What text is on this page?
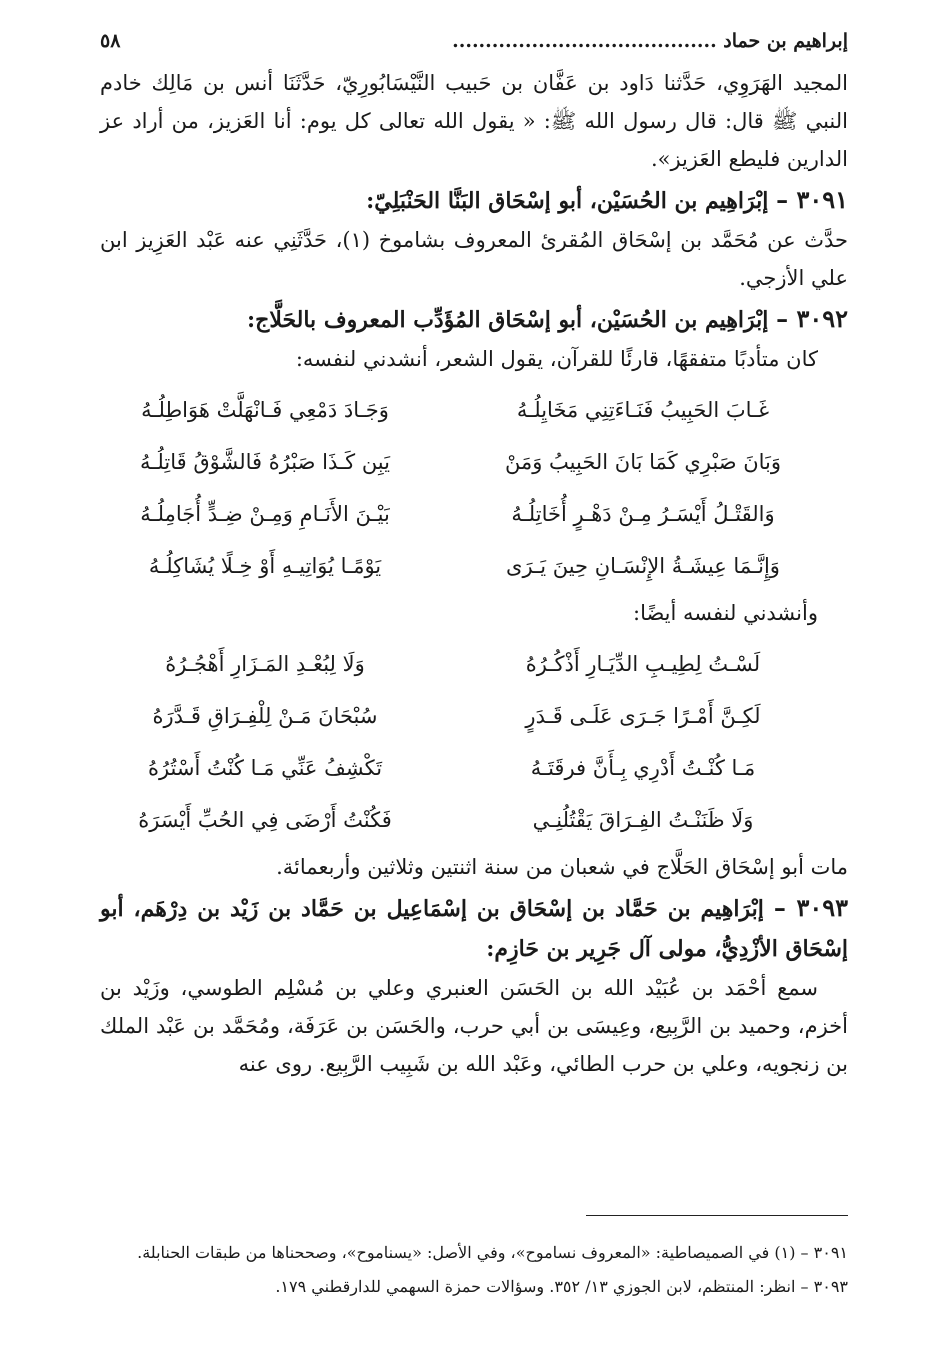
إبراهيم بن حماد ........................................
٥٨

المجيد الهَرَوِي، حَدَّثنا دَاود بن عَفَّان بن حَبيب النَّيْسَابُورِيّ، حَدَّثَنَا أنس بن مَالِك خادم النبي ﷺ قال: قال رسول الله ﷺ: « يقول الله تعالى كل يوم: أنا العَزيز، من أراد عز الدارين فليطع العَزيز».

٣٠٩١ – إبْرَاهِيم بن الحُسَيْن، أبو إسْحَاق البَنَّا الحَنْبَلِيّ:

حدَّث عن مُحَمَّد بن إسْحَاق المُقرئ المعروف بشاموخ (١)، حَدَّثَنِي عنه عَبْد العَزِيز ابن علي الأزجي.

٣٠٩٢ – إبْرَاهِيم بن الحُسَيْن، أبو إسْحَاق المُؤَدِّب المعروف بالحَلَّاج:

كان متأدبًا متفقهًا، قارئًا للقرآن، يقول الشعر، أنشدني لنفسه:

غَـابَ الحَبِيبُ فَنَـاءَتِنِي مَخَايِلُـهُ
وَجَـادَ دَمْعِي فَـانْهَلَّتْ هَوَاطِلُـهُ
وَبَانَ صَبْرِي كَمَا بَانَ الحَبِيبُ وَمَنْ
يَبِن كَـذَا صَبْرُهُ فَالشَّوْقُ قَاتِلُـهُ
وَالقَتْـلُ أَيْسَـرُ مِـنْ دَهْـرٍ أُخَاتِلُـهُ
بَيْـنَ الأَنَـامِ وَمِـنْ ضِـدٍّ أُجَامِلُـهُ
وَإِنَّـمَا عِيشَـةُ الإِنْسَـانِ حِينَ يَـرَى
يَوْمًـا يُوَاتِيـهِ أَوْ خِـلًا يُشَاكِلُـهُ

وأنشدني لنفسه أيضًا:

لَسْـتُ لِطِيـبِ الدِّيَـارِ أَذْكُـرُهُ
وَلَا لِبُعْـدِ المَـزَارِ أَهْجُـرُهُ
لَكِـنَّ أَمْـرًا جَـرَى عَلَـى قَـدَرٍ
سُبْحَانَ مَـنْ لِلْفِـرَاقِ قَـدَّرَهُ
مَـا كُنْـتُ أَدْرِي بِـأَنَّ فرقَتَـهُ
تَكْشِفُ عَنِّي مَـا كُنْتُ أَسْتُرُهُ
وَلَا ظَنَنْـتُ الفِـرَاقَ يَقْتُلُنِـي
فَكُنْتُ أَرْضَى فِي الحُبِّ أَيْسَرَهُ

مات أبو إسْحَاق الحَلَّاج في شعبان من سنة اثنتين وثلاثين وأربعمائة.

٣٠٩٣ – إبْرَاهِيم بن حَمَّاد بن إسْحَاق بن إسْمَاعِيل بن حَمَّاد بن زَيْد بن دِرْهَم، أبو إسْحَاق الأزْدِيُّ، مولى آل جَرِير بن حَازِم:

سمع أحْمَد بن عُبَيْد الله بن الحَسَن العنبري وعلي بن مُسْلِم الطوسي، وزَيْد بن أخزم، وحميد بن الرَّبِيع، وعِيسَى بن أبي حرب، والحَسَن بن عَرَفَة، ومُحَمَّد بن عَبْد الملك بن زنجويه، وعلي بن حرب الطائي، وعَبْد الله بن شَبِيب الرَّبِيع. روى عنه

٣٠٩١ – (١) في الصميصاطية: «المعروف نساموح»، وفي الأصل: «يسناموح»، وصححناها من طبقات الحنابلة.

٣٠٩٣ – انظر: المنتظم، لابن الجوزي ١٣/ ٣٥٢. وسؤالات حمزة السهمي للدارقطني ١٧٩.
